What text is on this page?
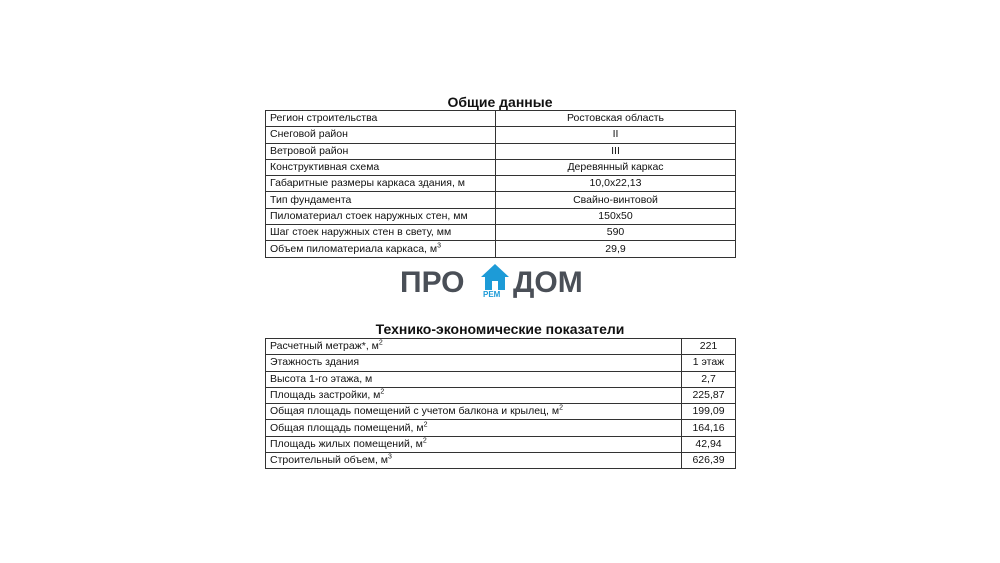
Общие данные
Регион строительства	Ростовская область
Снеговой район	II
Ветровой район	III
Конструктивная схема	Деревянный каркас
Габаритные размеры каркаса здания, м	10,0x22,13
Тип фундамента	Свайно-винтовой
Пиломатериал стоек наружных стен, мм	150x50
Шаг стоек наружных стен в свету, мм	590
Объем пиломатериала каркаса, $м^3$	29,9
ПРО РЕМ ДОМ
Технико-экономические показатели
Расчетный метраж*, $м^2$	221
Этажность здания	1 этаж
Высота 1-го этажа, м	2,7
Площадь застройки, $м^2$	225,87
Общая площадь помещений с учетом балкона и крылец, $м^2$	199,09
Общая площадь помещений, $м^2$	164,16
Площадь жилых помещений, $м^2$	42,94
Строительный объем, $м^3$	626,39
